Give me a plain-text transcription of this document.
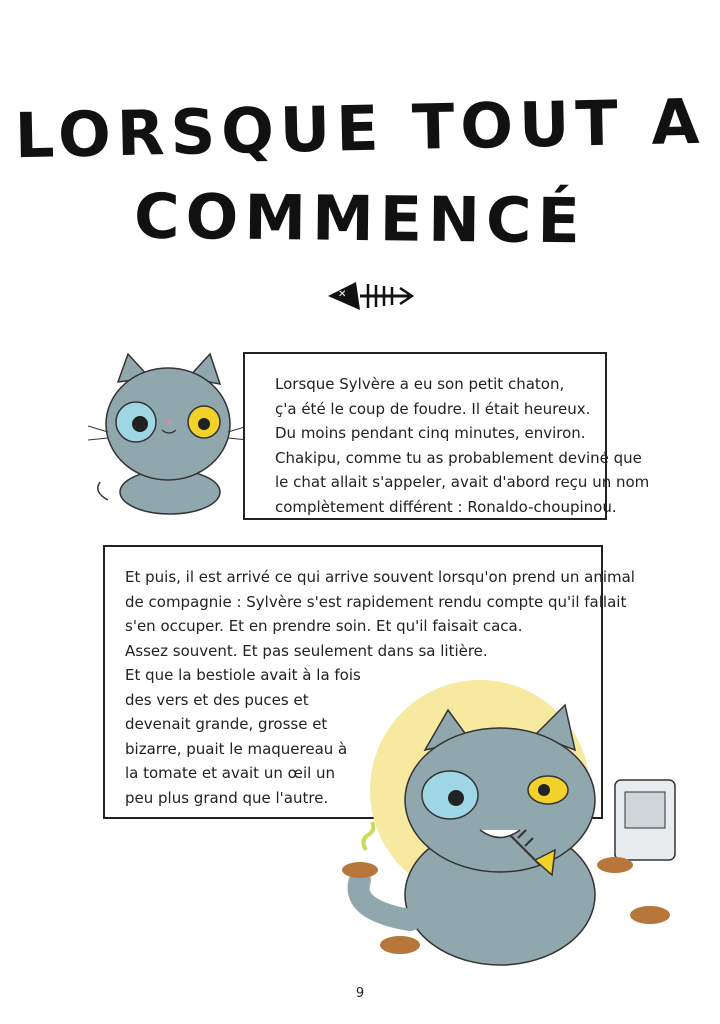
LORSQUE TOUT A
COMMENCÉ
✕
Lorsque Sylvère a eu son petit chaton,
ç'a été le coup de foudre. Il était heureux.
Du moins pendant cinq minutes, environ.
Chakipu, comme tu as probablement deviné que
le chat allait s'appeler, avait d'abord reçu un nom
complètement différent : Ronaldo-choupinou.
Et puis, il est arrivé ce qui arrive souvent lorsqu'on prend un animal
de compagnie : Sylvère s'est rapidement rendu compte qu'il fallait
s'en occuper. Et en prendre soin. Et qu'il faisait caca.
Assez souvent. Et pas seulement dans sa litière.
Et que la bestiole avait à la fois
des vers et des puces et
devenait grande, grosse et
bizarre, puait le maquereau à
la tomate et avait un œil un
peu plus grand que l'autre.
9
